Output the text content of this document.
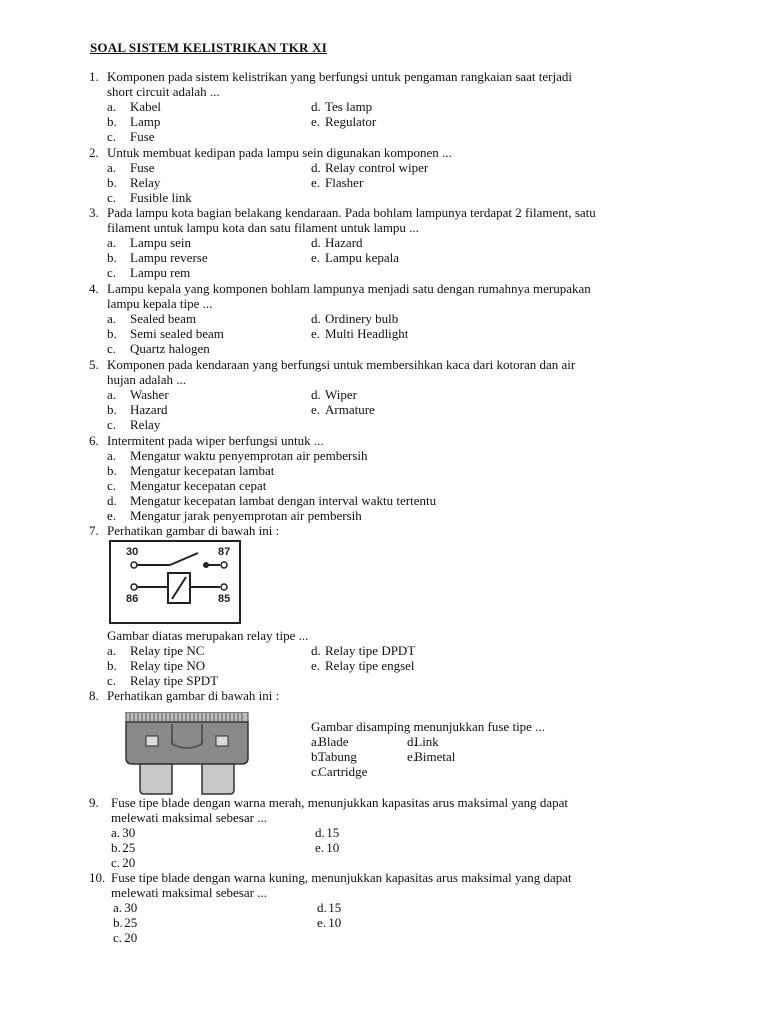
SOAL SISTEM KELISTRIKAN TKR XI
1. Komponen pada sistem kelistrikan yang berfungsi untuk pengaman rangkaian saat terjadi
short circuit adalah ...
a. Kabel	d. Tes lamp
b. Lamp	e. Regulator
c. Fuse
2. Untuk membuat kedipan pada lampu sein digunakan komponen ...
a. Fuse	d. Relay control wiper
b. Relay	e. Flasher
c. Fusible link
3. Pada lampu kota bagian belakang kendaraan. Pada bohlam lampunya terdapat 2 filament, satu
filament untuk lampu kota dan satu filament untuk lampu ...
a. Lampu sein	d. Hazard
b. Lampu reverse	e. Lampu kepala
c. Lampu rem
4. Lampu kepala yang komponen bohlam lampunya menjadi satu dengan rumahnya merupakan
lampu kepala tipe ...
a. Sealed beam	d. Ordinery bulb
b. Semi sealed beam	e. Multi Headlight
c. Quartz halogen
5. Komponen pada kendaraan yang berfungsi untuk membersihkan kaca dari kotoran dan air
hujan adalah ...
a. Washer	d. Wiper
b. Hazard	e. Armature
c. Relay
6. Intermitent pada wiper berfungsi untuk ...
a. Mengatur waktu penyemprotan air pembersih
b. Mengatur kecepatan lambat
c. Mengatur kecepatan cepat
d. Mengatur kecepatan lambat dengan interval waktu tertentu
e. Mengatur jarak penyemprotan air pembersih
7. Perhatikan gambar di bawah ini :
30	87
86	85
Gambar diatas merupakan relay tipe ...
a. Relay tipe NC	d. Relay tipe DPDT
b. Relay tipe NO	e. Relay tipe engsel
c. Relay tipe SPDT
8. Perhatikan gambar di bawah ini :
Gambar disamping menunjukkan fuse tipe ...
a. Blade	d. Link
b. Tabung	e. Bimetal
c. Cartridge
9. Fuse tipe blade dengan warna merah, menunjukkan kapasitas arus maksimal yang dapat
melewati maksimal sebesar ...
a. 30	d. 15
b. 25	e. 10
c. 20
10. Fuse tipe blade dengan warna kuning, menunjukkan kapasitas arus maksimal yang dapat
melewati maksimal sebesar ...
a. 30	d. 15
b. 25	e. 10
c. 20
